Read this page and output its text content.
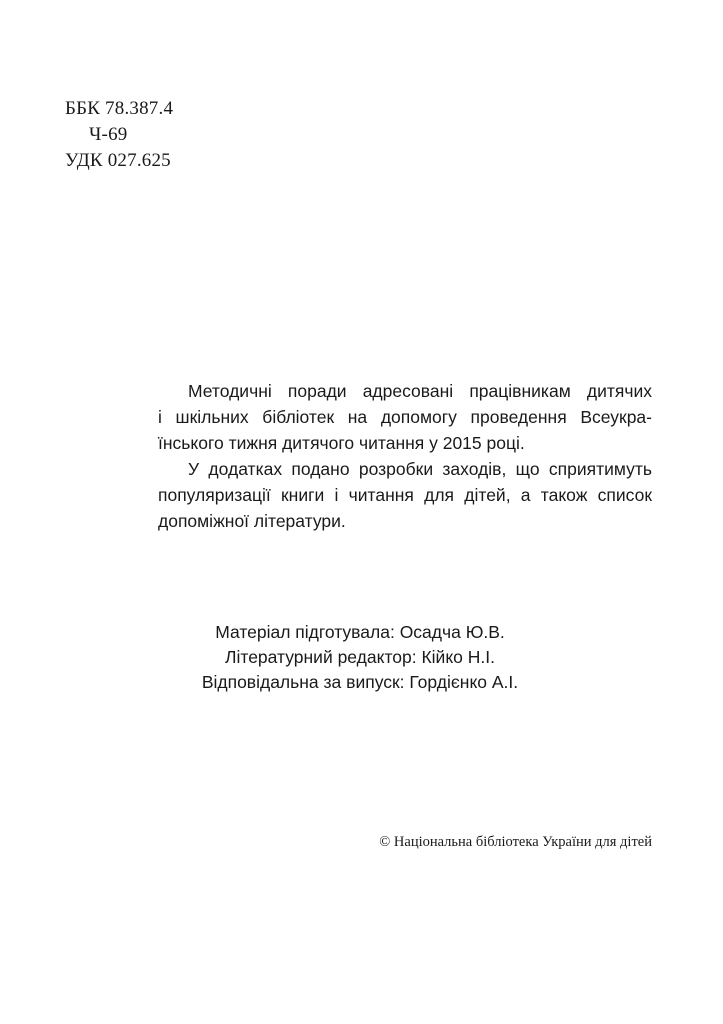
ББК 78.387.4
Ч-69
УДК 027.625
Методичні поради адресовані працівникам дитячих
і шкільних бібліотек на допомогу проведення Всеукра-
їнського тижня дитячого читання у 2015 році.
У додатках подано розробки заходів, що сприятимуть
популяризації книги і читання для дітей, а також список
допоміжної літератури.
Матеріал підготувала: Осадча Ю.В.
Літературний редактор: Кійко Н.І.
Відповідальна за випуск: Гордієнко А.І.
© Національна бібліотека України для дітей
